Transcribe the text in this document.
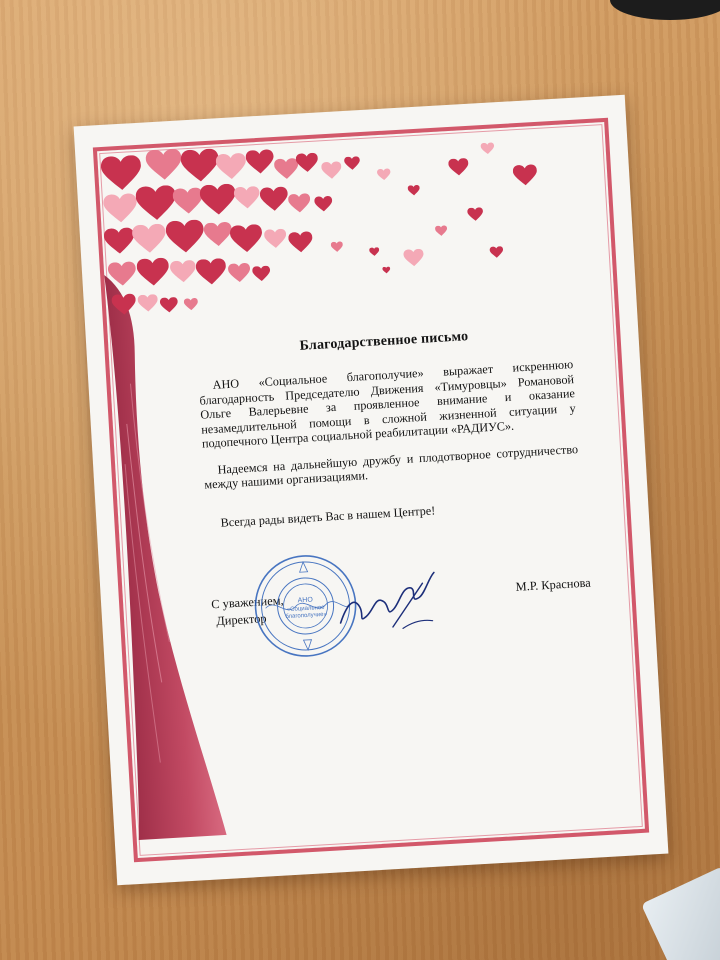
Благодарственное письмо

АНО «Социальное благополучие» выражает искреннюю благодарность Председателю Движения «Тимуровцы» Романовой Ольге Валерьевне за проявленное внимание и оказание незамедлительной помощи в сложной жизненной ситуации у подопечного Центра социальной реабилитации «РАДИУС».

Надеемся на дальнейшую дружбу и плодотворное сотрудничество между нашими организациями.

Всегда рады видеть Вас в нашем Центре!

С уважением,
Директор
М.Р. Краснова
АНО
«Социальное
благополучие»
